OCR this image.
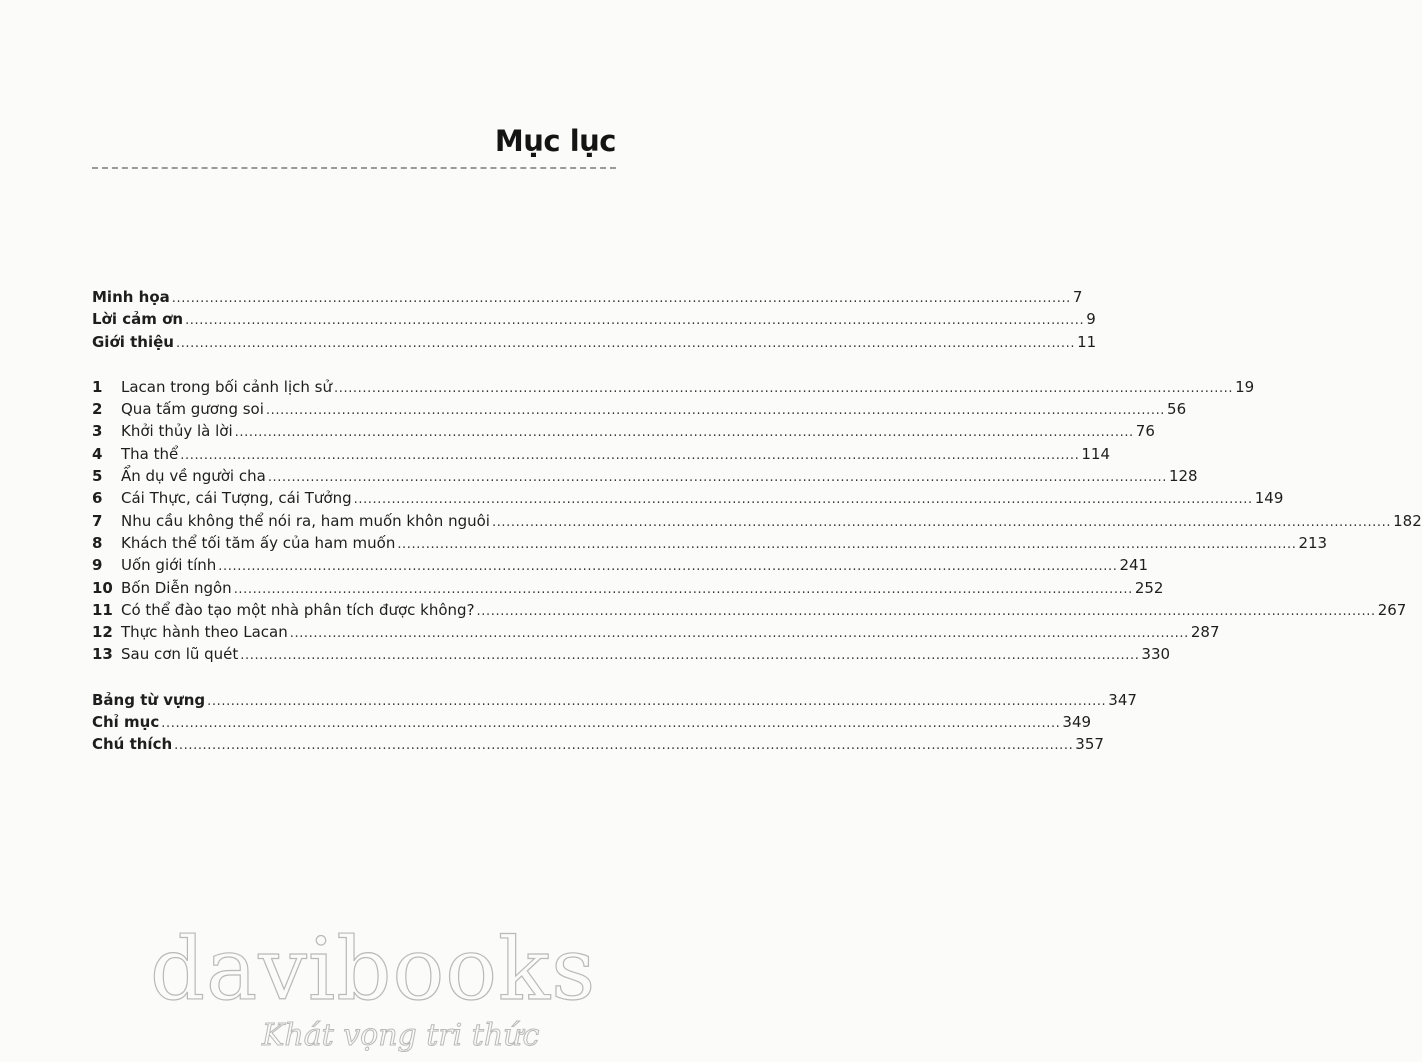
Mục lục
Minh họa .....	7
Lời cảm ơn .....	9
Giới thiệu .....	11
1	Lacan trong bối cảnh lịch sử .....	19
2	Qua tấm gương soi .....	56
3	Khởi thủy là lời .....	76
4	Tha thể .....	114
5	Ẩn dụ về người cha .....	128
6	Cái Thực, cái Tượng, cái Tưởng .....	149
7	Nhu cầu không thể nói ra, ham muốn khôn nguôi .....	182
8	Khách thể tối tăm ấy của ham muốn .....	213
9	Uốn giới tính .....	241
10 Bốn Diễn ngôn .....	252
11 Có thể đào tạo một nhà phân tích được không? .....	267
12 Thực hành theo Lacan .....	287
13 Sau cơn lũ quét .....	330
Bảng từ vựng .....	347
Chỉ mục .....	349
Chú thích .....	357
davibooks
Khát vọng tri thức
